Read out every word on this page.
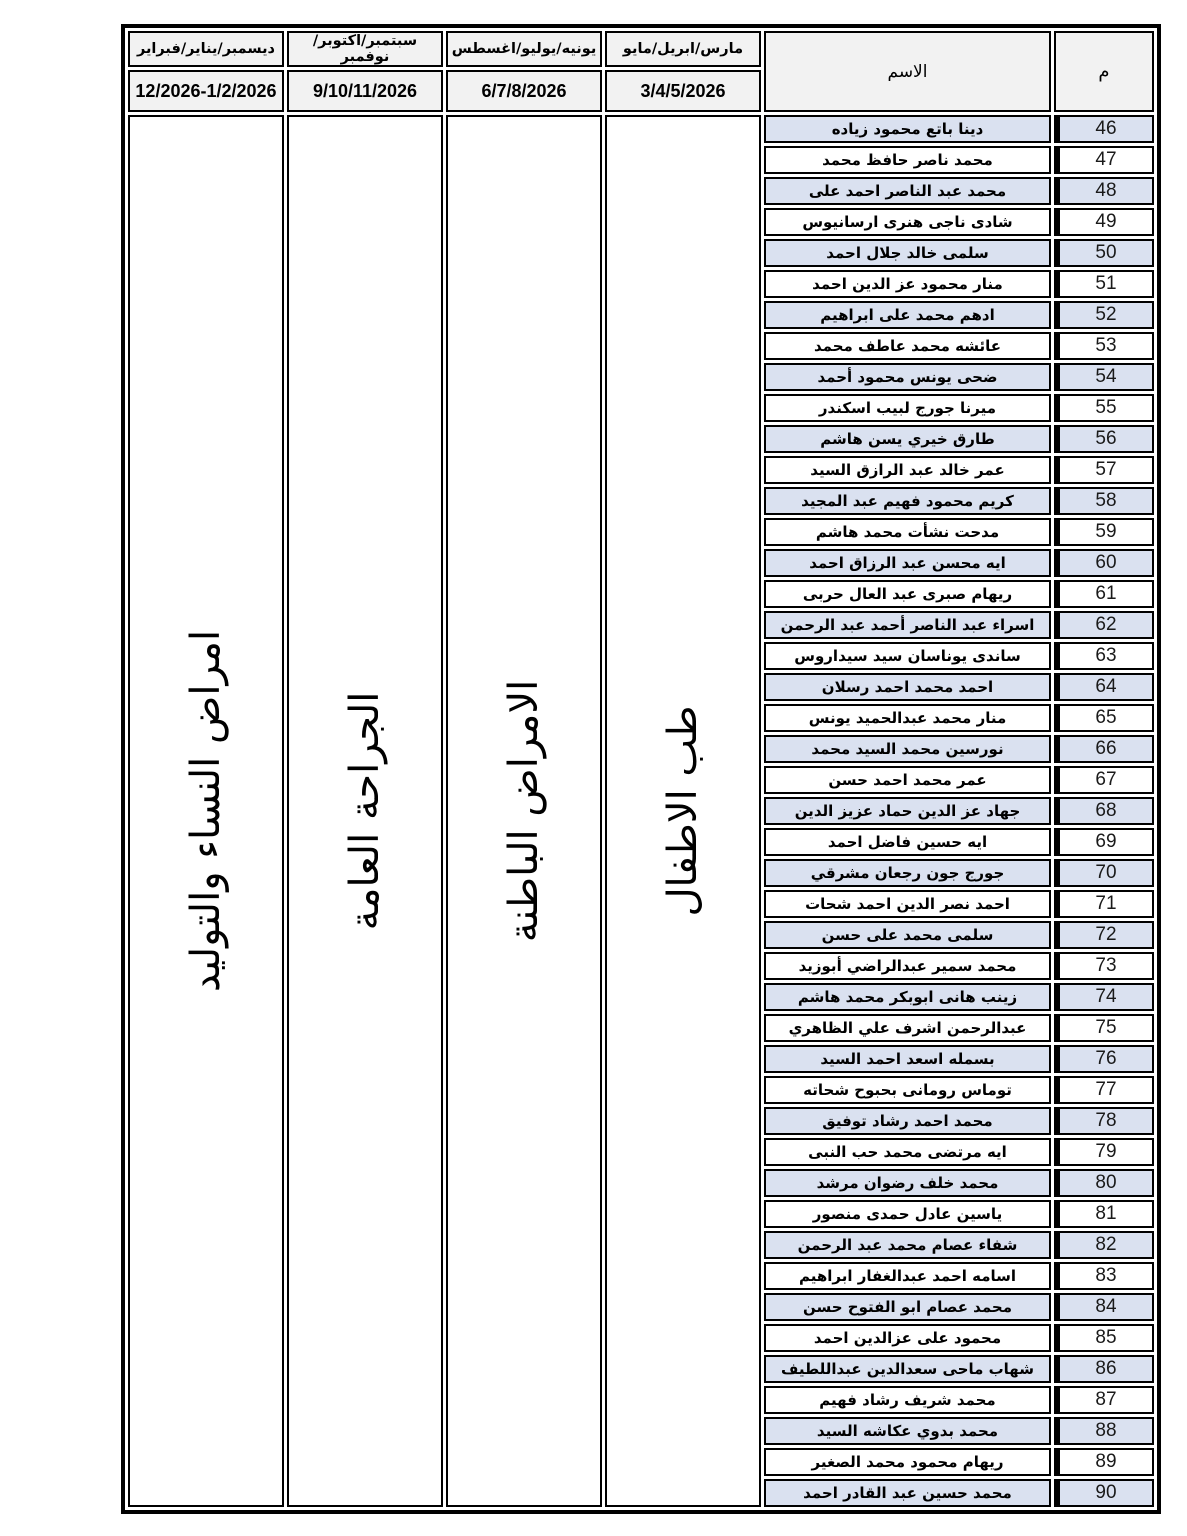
م	الاسم	مارس/ابريل/مايو	يونيه/يوليو/اغسطس	سبتمبر/اكتوبر/نوفمبر	ديسمبر/يناير/فبراير
		3/4/5/2026	6/7/8/2026	9/10/11/2026	12/2026-1/2/2026
46	دينا باتع محمود زياده	طب الاطفال	الامراض الباطنة	الجراحة العامة	امراض النساء والتوليد

47	محمد ناصر حافظ محمد				
48	محمد عبد الناصر احمد على				
49	شادى ناجى هنرى ارسانيوس				
50	سلمى خالد جلال احمد				
51	منار محمود عز الدين احمد				
52	ادهم محمد على ابراهيم				
53	عائشه محمد عاطف محمد				
54	ضحى يونس محمود أحمد				
55	ميرنا جورج لبيب اسكندر				
56	طارق خيري يسن هاشم				
57	عمر خالد عبد الرازق السيد				
58	كريم محمود فهيم عبد المجيد				
59	مدحت نشأت محمد هاشم				
60	ايه محسن عبد الرزاق احمد				
61	ريهام صبرى عبد العال حربى				
62	اسراء عبد الناصر أحمد عبد الرحمن				
63	ساندى يوناسان سيد سيداروس				
64	احمد محمد احمد رسلان				
65	منار محمد عبدالحميد يونس				
66	نورسين محمد السيد محمد				
67	عمر محمد احمد حسن				
68	جهاد عز الدين حماد عزيز الدين				
69	ايه حسين فاضل احمد				
70	جورج جون رجعان مشرقي				
71	احمد نصر الدين احمد شحات				
72	سلمى محمد على حسن				
73	محمد سمير عبدالراضي أبوزيد				
74	زينب هانى ابوبكر محمد هاشم				
75	عبدالرحمن اشرف علي الظاهري				
76	بسمله اسعد احمد السيد				
77	توماس رومانى بحبوح شحاته				
78	محمد احمد رشاد توفيق				
79	ايه مرتضى محمد حب النبى				
80	محمد خلف رضوان مرشد				
81	ياسين عادل حمدى منصور				
82	شفاء عصام محمد عبد الرحمن				
83	اسامه احمد عبدالغفار ابراهيم				
84	محمد عصام ابو الفتوح حسن				
85	محمود على عزالدين احمد				
86	شهاب ماحى سعدالدين عبداللطيف				
87	محمد شريف رشاد فهيم				
88	محمد بدوي عكاشه السيد				
89	ريهام محمود محمد الصغير				
90	محمد حسين عبد القادر احمد				
